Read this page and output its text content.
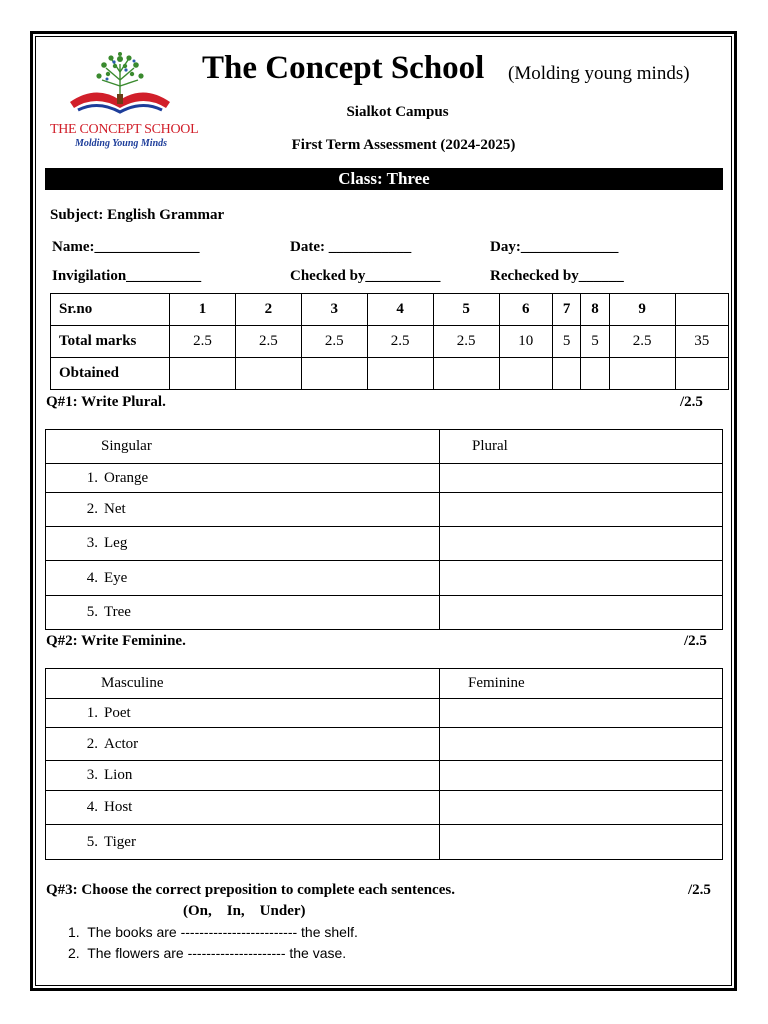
THE CONCEPT SCHOOL
Molding Young Minds
The Concept School (Molding young minds)
Sialkot Campus
First Term Assessment (2024-2025)
Class: Three
Subject: English Grammar
Name:______________	Date: ___________	Day:_____________
Invigilation__________	Checked by__________	Rechecked by______
Sr.no	1	2	3	4	5	6	7	8	9	
Total marks	2.5	2.5	2.5	2.5	2.5	10	5	5	2.5	35
Obtained										
Q#1: Write Plural.	/2.5
Singular	Plural
1. Orange	
2. Net	
3. Leg	
4. Eye	
5. Tree	
Q#2: Write Feminine.	/2.5
Masculine	Feminine
1. Poet	
2. Actor	
3. Lion	
4. Host	
5. Tiger	
Q#3: Choose the correct preposition to complete each sentences.	/2.5
(On,    In,    Under)
1. The books are ------------------------- the shelf.
2. The flowers are --------------------- the vase.
